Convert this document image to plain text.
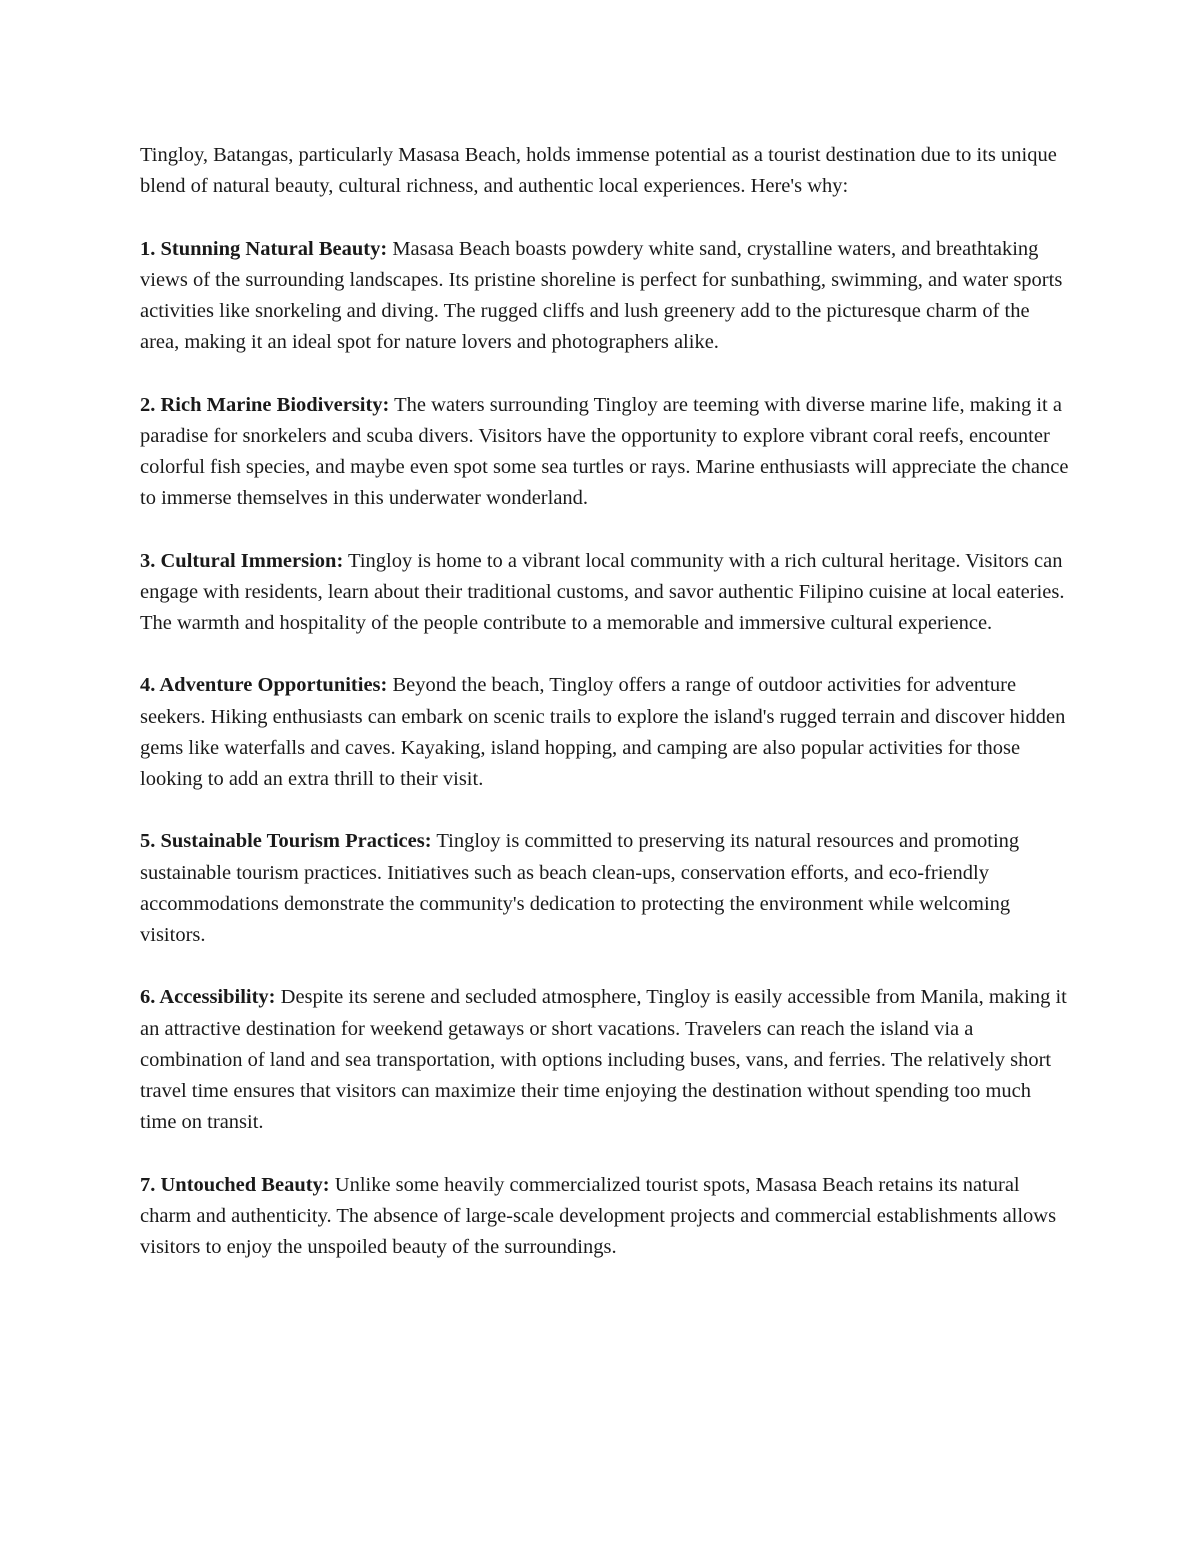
Tingloy, Batangas, particularly Masasa Beach, holds immense potential as a tourist destination due to its unique blend of natural beauty, cultural richness, and authentic local experiences. Here's why:

1. Stunning Natural Beauty: Masasa Beach boasts powdery white sand, crystalline waters, and breathtaking views of the surrounding landscapes. Its pristine shoreline is perfect for sunbathing, swimming, and water sports activities like snorkeling and diving. The rugged cliffs and lush greenery add to the picturesque charm of the area, making it an ideal spot for nature lovers and photographers alike.

2. Rich Marine Biodiversity: The waters surrounding Tingloy are teeming with diverse marine life, making it a paradise for snorkelers and scuba divers. Visitors have the opportunity to explore vibrant coral reefs, encounter colorful fish species, and maybe even spot some sea turtles or rays. Marine enthusiasts will appreciate the chance to immerse themselves in this underwater wonderland.

3. Cultural Immersion: Tingloy is home to a vibrant local community with a rich cultural heritage. Visitors can engage with residents, learn about their traditional customs, and savor authentic Filipino cuisine at local eateries. The warmth and hospitality of the people contribute to a memorable and immersive cultural experience.

4. Adventure Opportunities: Beyond the beach, Tingloy offers a range of outdoor activities for adventure seekers. Hiking enthusiasts can embark on scenic trails to explore the island's rugged terrain and discover hidden gems like waterfalls and caves. Kayaking, island hopping, and camping are also popular activities for those looking to add an extra thrill to their visit.

5. Sustainable Tourism Practices: Tingloy is committed to preserving its natural resources and promoting sustainable tourism practices. Initiatives such as beach clean-ups, conservation efforts, and eco-friendly accommodations demonstrate the community's dedication to protecting the environment while welcoming visitors.

6. Accessibility: Despite its serene and secluded atmosphere, Tingloy is easily accessible from Manila, making it an attractive destination for weekend getaways or short vacations. Travelers can reach the island via a combination of land and sea transportation, with options including buses, vans, and ferries. The relatively short travel time ensures that visitors can maximize their time enjoying the destination without spending too much time on transit.

7. Untouched Beauty: Unlike some heavily commercialized tourist spots, Masasa Beach retains its natural charm and authenticity. The absence of large-scale development projects and commercial establishments allows visitors to enjoy the unspoiled beauty of the surroundings.
